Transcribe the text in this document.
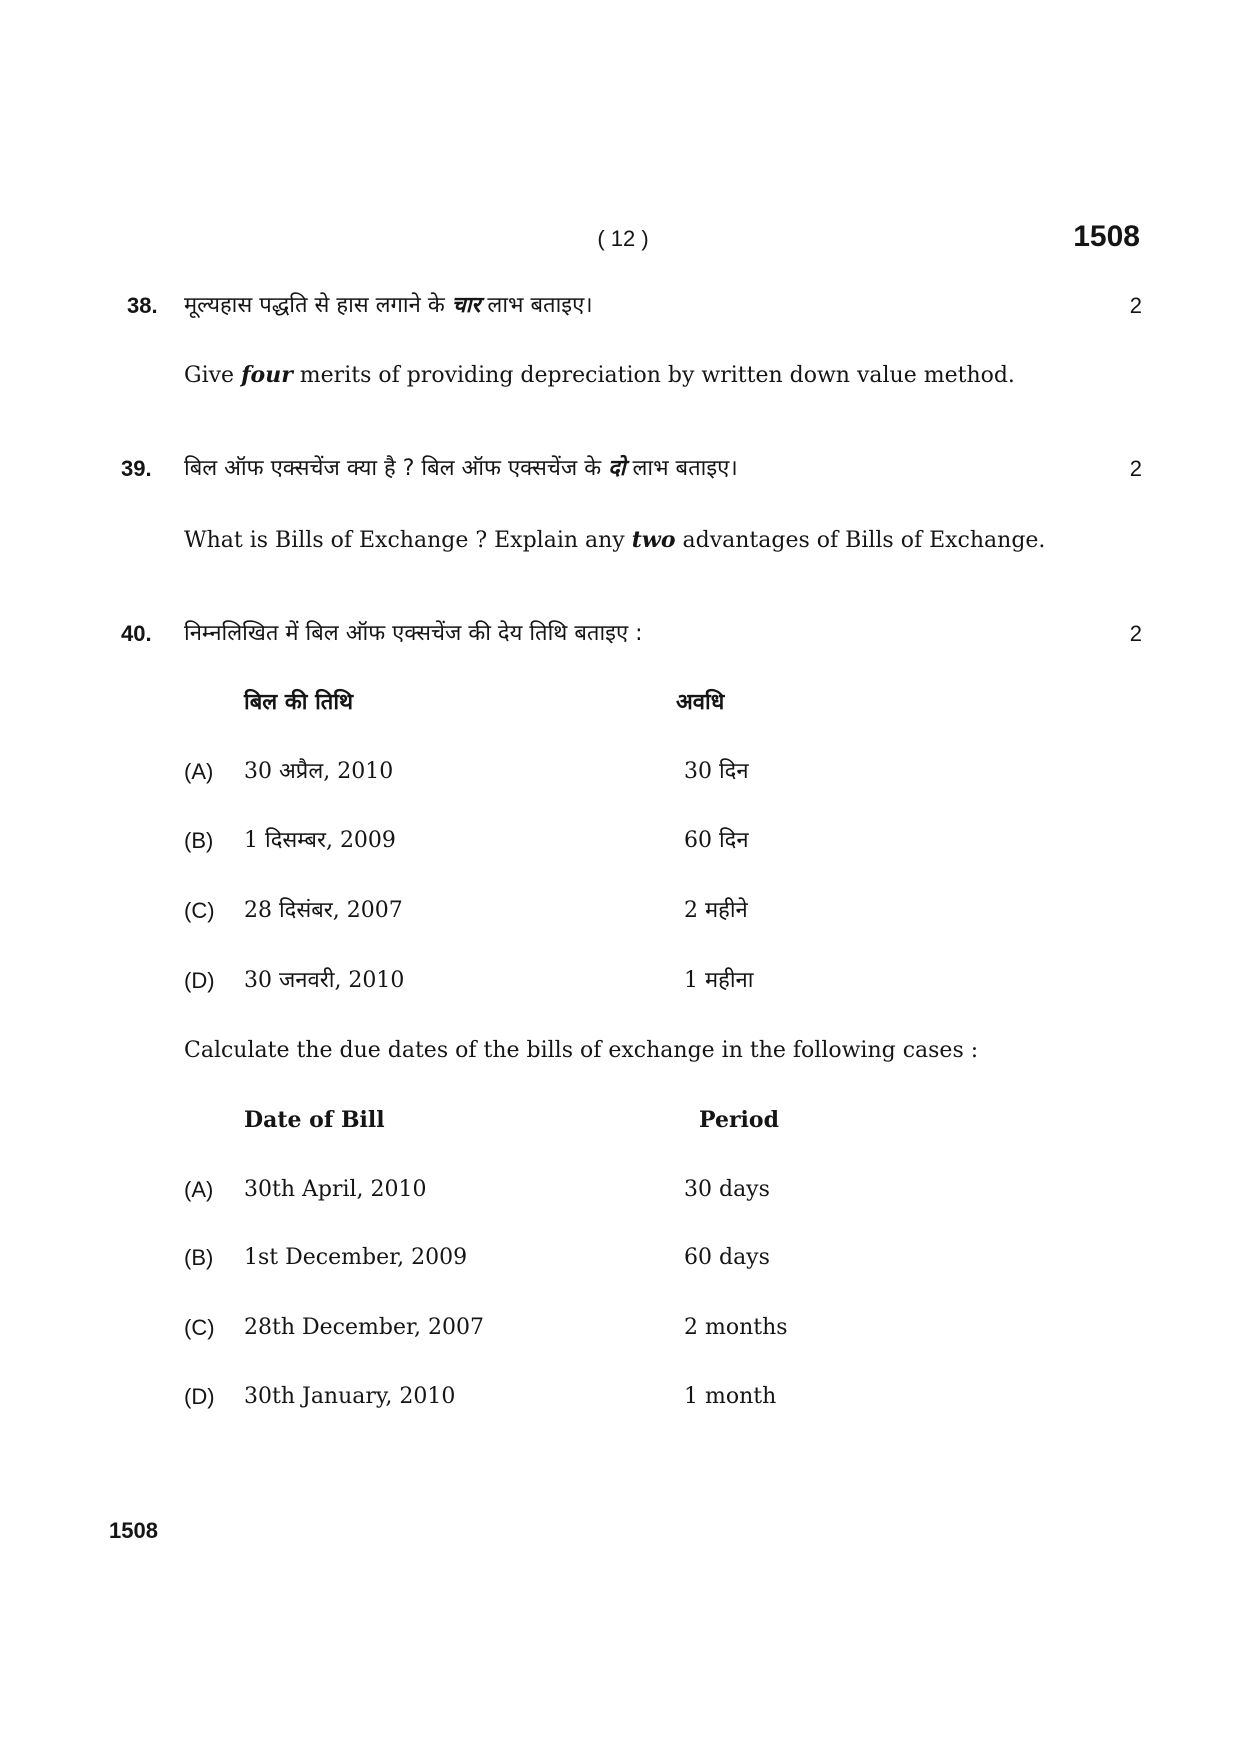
( 12 )	1508
38. मूल्यहास पद्धति से हास लगाने के चार लाभ बताइए।	2
Give four merits of providing depreciation by written down value method.
39. बिल ऑफ एक्सचेंज क्या है ? बिल ऑफ एक्सचेंज के दो लाभ बताइए।	2
What is Bills of Exchange ? Explain any two advantages of Bills of Exchange.
40. निम्नलिखित में बिल ऑफ एक्सचेंज की देय तिथि बताइए :	2
बिल की तिथि	अवधि
(A) 30 अप्रैल, 2010	30 दिन
(B) 1 दिसम्बर, 2009	60 दिन
(C) 28 दिसंबर, 2007	2 महीने
(D) 30 जनवरी, 2010	1 महीना
Calculate the due dates of the bills of exchange in the following cases :
Date of Bill	Period
(A) 30th April, 2010	30 days
(B) 1st December, 2009	60 days
(C) 28th December, 2007	2 months
(D) 30th January, 2010	1 month
1508
